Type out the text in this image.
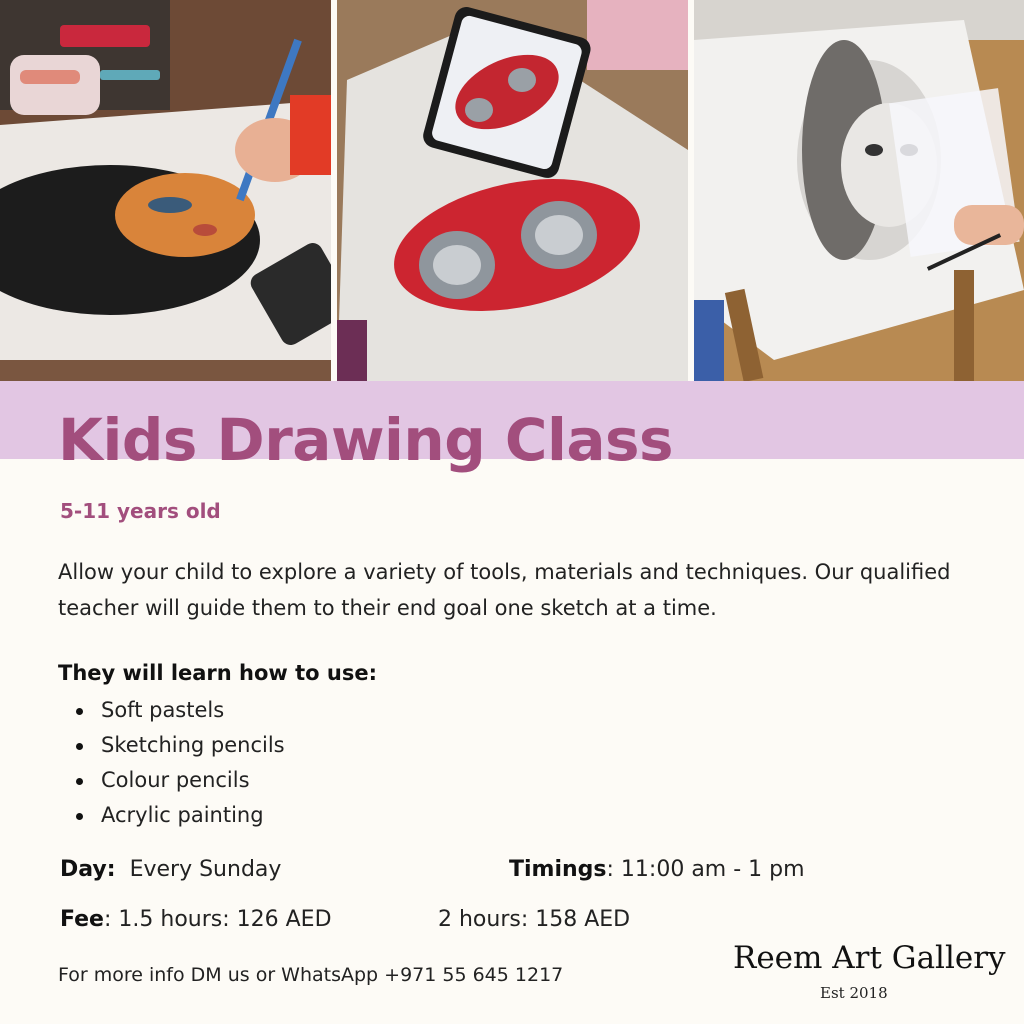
Kids Drawing Class
5-11 years old

Allow your child to explore a variety of tools, materials and techniques. Our qualified teacher will guide them to their end goal one sketch at a time.

They will learn how to use:
Soft pastels
Sketching pencils
Colour pencils
Acrylic painting
Day: Every Sunday	Timings: 11:00 am - 1 pm
Fee: 1.5 hours: 126 AED	2 hours: 158 AED
For more info DM us or WhatsApp +971 55 645 1217	Reem Art Gallery
Est 2018
